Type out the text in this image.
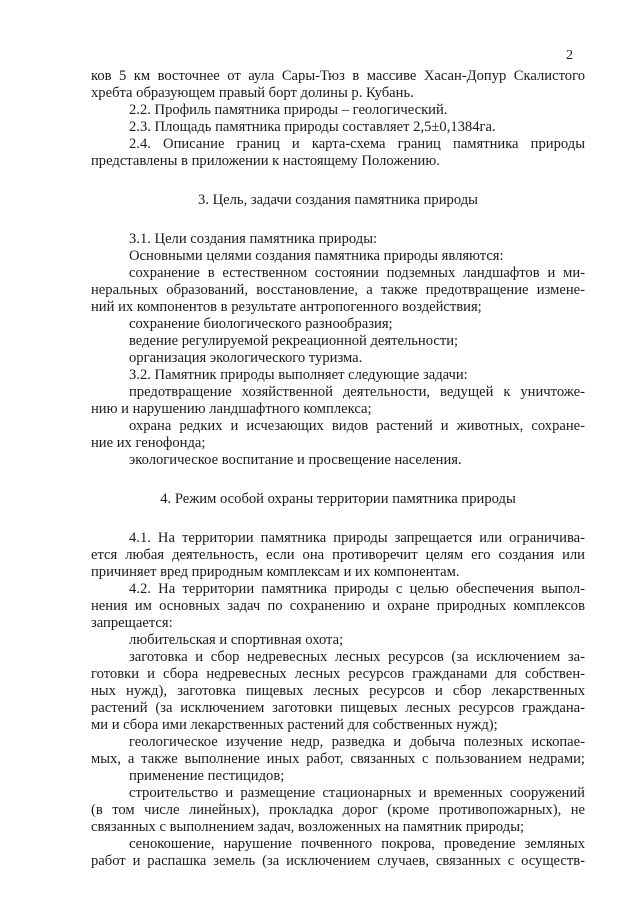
2
ков 5 км восточнее от аула Сары-Тюз в массиве Хасан-Допур Скалистого
хребта образующем правый борт долины р. Кубань.
2.2. Профиль памятника природы – геологический.
2.3. Площадь памятника природы составляет 2,5±0,1384га.
2.4. Описание границ и карта-схема границ памятника природы
представлены в приложении к настоящему Положению.
3. Цель, задачи создания памятника природы
3.1. Цели создания памятника природы:
Основными целями создания памятника природы являются:
сохранение в естественном состоянии подземных ландшафтов и ми-
неральных образований, восстановление, а также предотвращение измене-
ний их компонентов в результате антропогенного воздействия;
сохранение биологического разнообразия;
ведение регулируемой рекреационной деятельности;
организация экологического туризма.
3.2. Памятник природы выполняет следующие задачи:
предотвращение хозяйственной деятельности, ведущей к уничтоже-
нию и нарушению ландшафтного комплекса;
охрана редких и исчезающих видов растений и животных, сохране-
ние их генофонда;
экологическое воспитание и просвещение населения.
4. Режим особой охраны территории памятника природы
4.1. На территории памятника природы запрещается или ограничива-
ется любая деятельность, если она противоречит целям его создания или
причиняет вред природным комплексам и их компонентам.
4.2. На территории памятника природы с целью обеспечения выпол-
нения им основных задач по сохранению и охране природных комплексов
запрещается:
любительская и спортивная охота;
заготовка и сбор недревесных лесных ресурсов (за исключением за-
готовки и сбора недревесных лесных ресурсов гражданами для собствен-
ных нужд), заготовка пищевых лесных ресурсов и сбор лекарственных
растений (за исключением заготовки пищевых лесных ресурсов граждана-
ми и сбора ими лекарственных растений для собственных нужд);
геологическое изучение недр, разведка и добыча полезных ископае-
мых, а также выполнение иных работ, связанных с пользованием недрами;
применение пестицидов;
строительство и размещение стационарных и временных сооружений
(в том числе линейных), прокладка дорог (кроме противопожарных), не
связанных с выполнением задач, возложенных на памятник природы;
сенокошение, нарушение почвенного покрова, проведение земляных
работ и распашка земель (за исключением случаев, связанных с осуществ-
